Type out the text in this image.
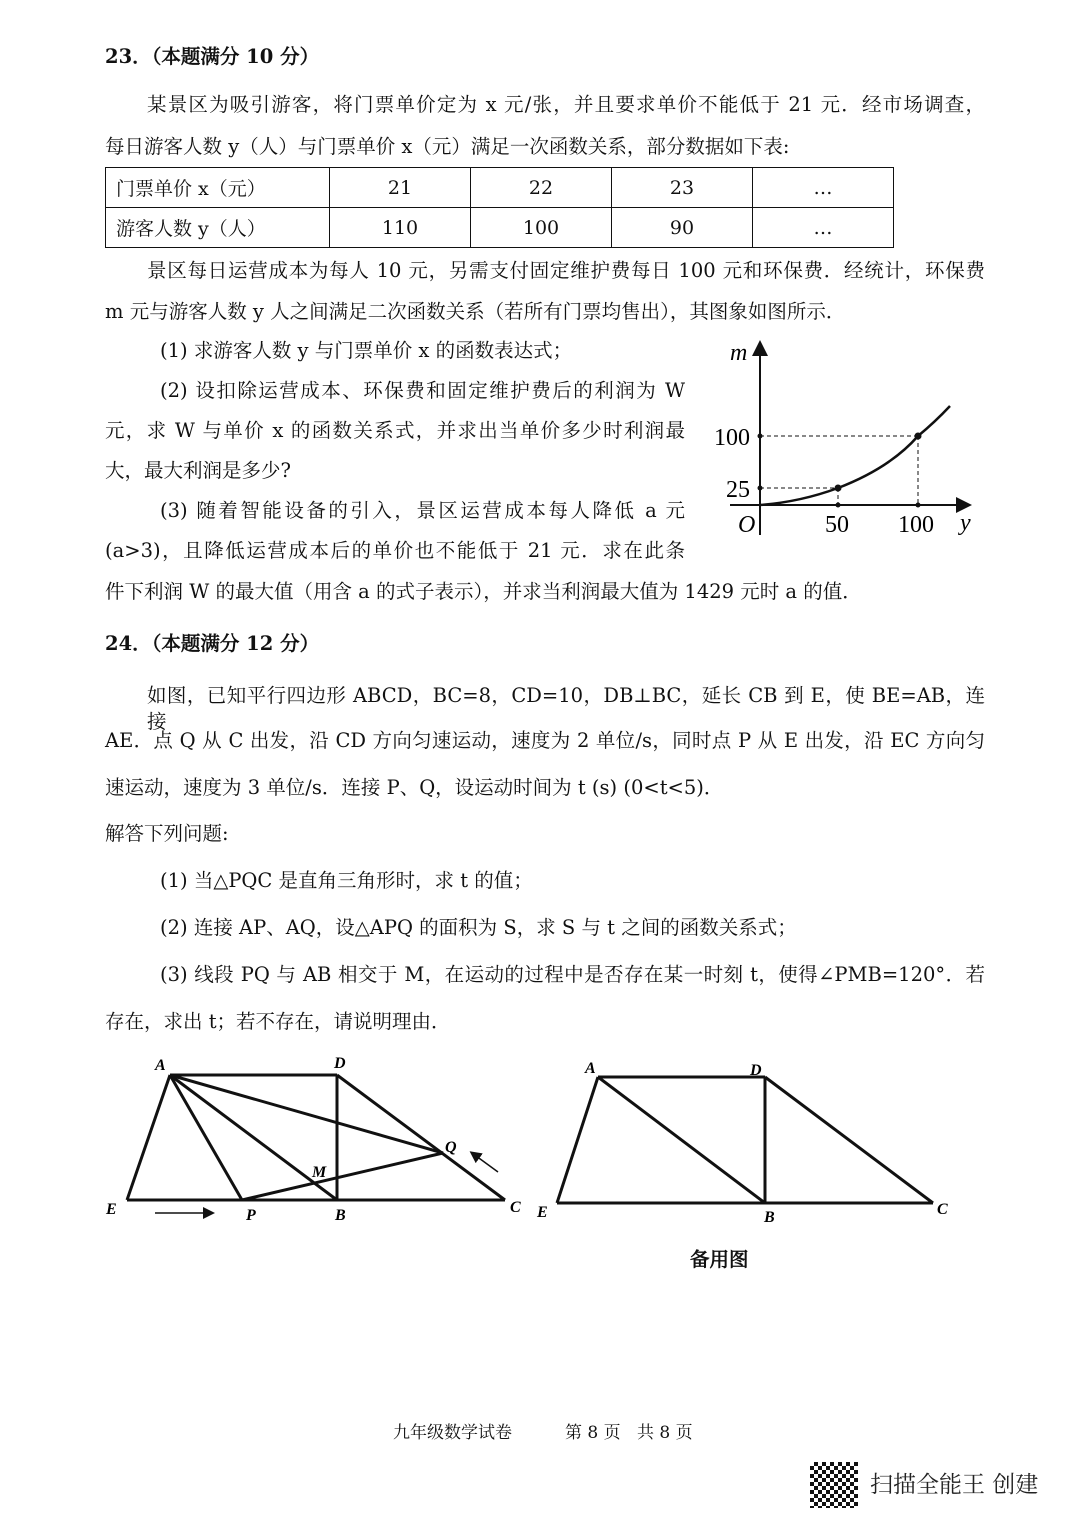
23．（本题满分 10 分）
某景区为吸引游客，将门票单价定为 x 元/张，并且要求单价不能低于 21 元．经市场调查，
每日游客人数 y（人）与门票单价 x（元）满足一次函数关系，部分数据如下表:
门票单价 x（元）	21	22	23	…
游客人数 y（人）	110	100	90	…
景区每日运营成本为每人 10 元，另需支付固定维护费每日 100 元和环保费．经统计，环保费
m 元与游客人数 y 人之间满足二次函数关系（若所有门票均售出），其图象如图所示．
(1) 求游客人数 y 与门票单价 x 的函数表达式；
(2) 设扣除运营成本、环保费和固定维护费后的利润为 W
元，求 W 与单价 x 的函数关系式，并求出当单价多少时利润最
大，最大利润是多少?
(3) 随着智能设备的引入，景区运营成本每人降低 a 元
(a>3)，且降低运营成本后的单价也不能低于 21 元．求在此条
件下利润 W 的最大值（用含 a 的式子表示），并求当利润最大值为 1429 元时 a 的值．
m
100
25
O	50 100 y
24．（本题满分 12 分）
如图，已知平行四边形 ABCD，BC=8，CD=10，DB⊥BC，延长 CB 到 E，使 BE=AB，连接
AE．点 Q 从 C 出发，沿 CD 方向匀速运动，速度为 2 单位/s，同时点 P 从 E 出发，沿 EC 方向匀
速运动，速度为 3 单位/s．连接 P、Q，设运动时间为 t (s) (0<t<5)．
解答下列问题:
(1) 当△PQC 是直角三角形时，求 t 的值；
(2) 连接 AP、AQ，设△APQ 的面积为 S，求 S 与 t 之间的函数关系式；
(3) 线段 PQ 与 AB 相交于 M，在运动的过程中是否存在某一时刻 t，使得∠PMB=120°．若
存在，求出 t；若不存在，请说明理由．
A	D
E	P	B	C
Q
M
A	D
E	B	C
备用图
九年级数学试卷	第 8 页 共 8 页
扫描全能王 创建
